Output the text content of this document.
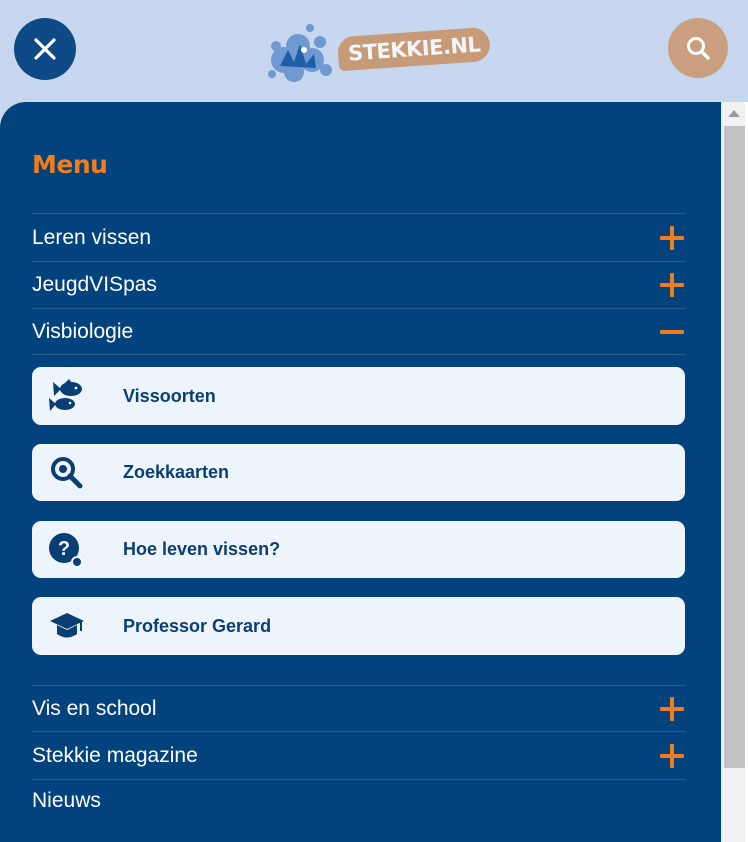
STEKKIE.NL
Menu
Leren vissen
JeugdVISpas
Visbiologie
Vissoorten
Zoekkaarten
?	Hoe leven vissen?
Professor Gerard
Vis en school
Stekkie magazine
Nieuws
